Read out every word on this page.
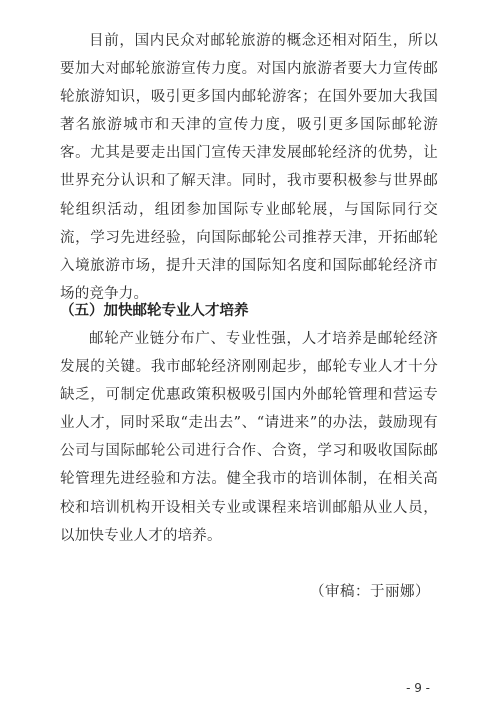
目前，国内民众对邮轮旅游的概念还相对陌生，所以要加大对邮轮旅游宣传力度。对国内旅游者要大力宣传邮轮旅游知识，吸引更多国内邮轮游客；在国外要加大我国著名旅游城市和天津的宣传力度，吸引更多国际邮轮游客。尤其是要走出国门宣传天津发展邮轮经济的优势，让世界充分认识和了解天津。同时，我市要积极参与世界邮轮组织活动，组团参加国际专业邮轮展，与国际同行交流，学习先进经验，向国际邮轮公司推荐天津，开拓邮轮入境旅游市场，提升天津的国际知名度和国际邮轮经济市场的竞争力。

（五）加快邮轮专业人才培养

邮轮产业链分布广、专业性强，人才培养是邮轮经济发展的关键。我市邮轮经济刚刚起步，邮轮专业人才十分缺乏，可制定优惠政策积极吸引国内外邮轮管理和营运专业人才，同时采取“走出去”、“请进来”的办法，鼓励现有公司与国际邮轮公司进行合作、合资，学习和吸收国际邮轮管理先进经验和方法。健全我市的培训体制，在相关高校和培训机构开设相关专业或课程来培训邮船从业人员，以加快专业人才的培养。

（审稿：于丽娜）
- 9 -
